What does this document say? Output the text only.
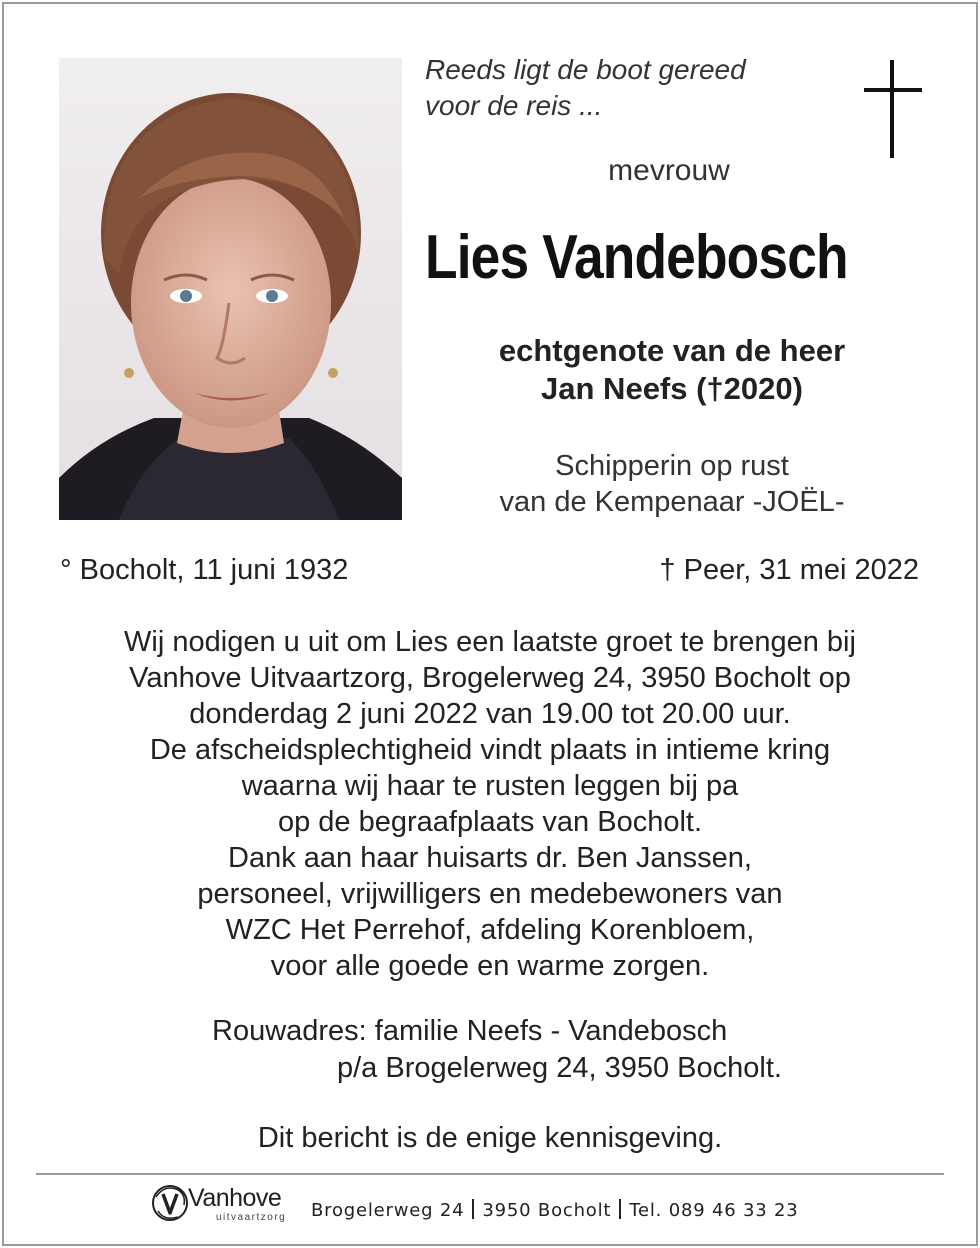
Reeds ligt de boot gereed
voor de reis ...
mevrouw
Lies Vandebosch
echtgenote van de heer
Jan Neefs (†2020)
Schipperin op rust
van de Kempenaar -JOËL-
° Bocholt, 11 juni 1932	† Peer, 31 mei 2022
Wij nodigen u uit om Lies een laatste groet te brengen bij
Vanhove Uitvaartzorg, Brogelerweg 24, 3950 Bocholt op
donderdag 2 juni 2022 van 19.00 tot 20.00 uur.
De afscheidsplechtigheid vindt plaats in intieme kring
waarna wij haar te rusten leggen bij pa
op de begraafplaats van Bocholt.
Dank aan haar huisarts dr. Ben Janssen,
personeel, vrijwilligers en medebewoners van
WZC Het Perrehof, afdeling Korenbloem,
voor alle goede en warme zorgen.
Rouwadres: familie Neefs - Vandebosch
p/a Brogelerweg 24, 3950 Bocholt.
Dit bericht is de enige kennisgeving.
Vanhove
uitvaartzorg Brogelerweg 24 3950 Bocholt Tel. 089 46 33 23
